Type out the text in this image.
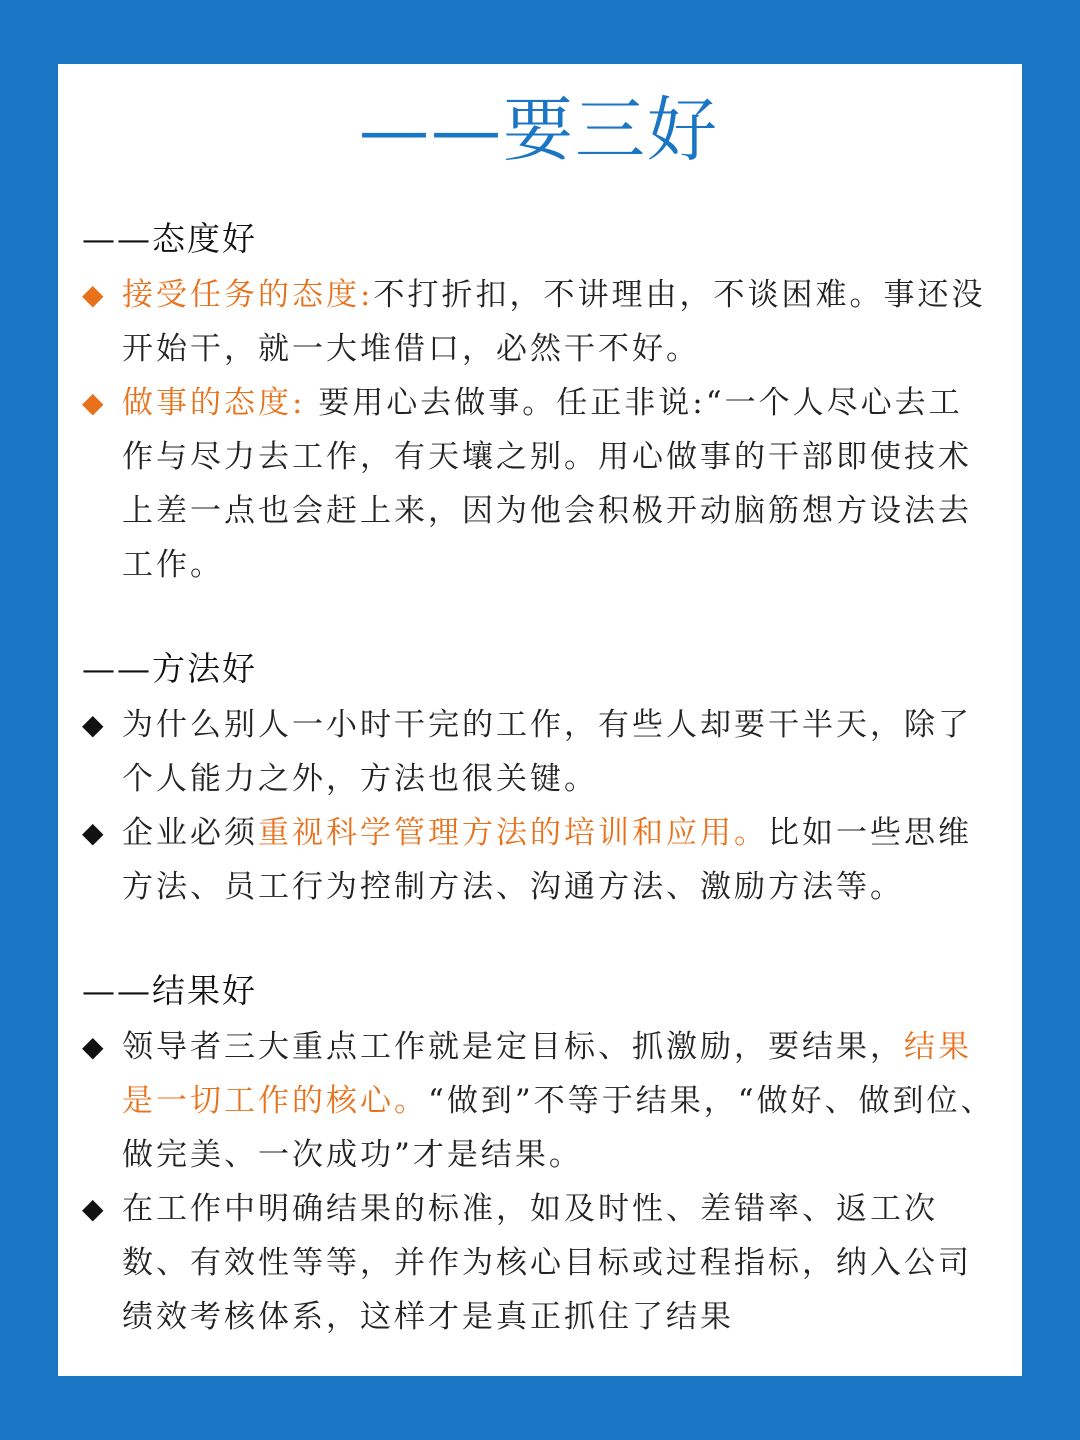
——要三好
——态度好
◆ 接受任务的态度:不打折扣，不讲理由，不谈困难。事还没开始干，就一大堆借口，必然干不好。
◆ 做事的态度: 要用心去做事。任正非说:“一个人尽心去工作与尽力去工作，有天壤之别。用心做事的干部即使技术上差一点也会赶上来，因为他会积极开动脑筋想方设法去工作。
——方法好
◆ 为什么别人一小时干完的工作，有些人却要干半天，除了个人能力之外，方法也很关键。
◆ 企业必须重视科学管理方法的培训和应用。比如一些思维方法、员工行为控制方法、沟通方法、激励方法等。
——结果好
◆ 领导者三大重点工作就是定目标、抓激励，要结果，结果是一切工作的核心。“做到”不等于结果，“做好、做到位、做完美、一次成功”才是结果。
◆ 在工作中明确结果的标准，如及时性、差错率、返工次数、有效性等等，并作为核心目标或过程指标，纳入公司绩效考核体系，这样才是真正抓住了结果
